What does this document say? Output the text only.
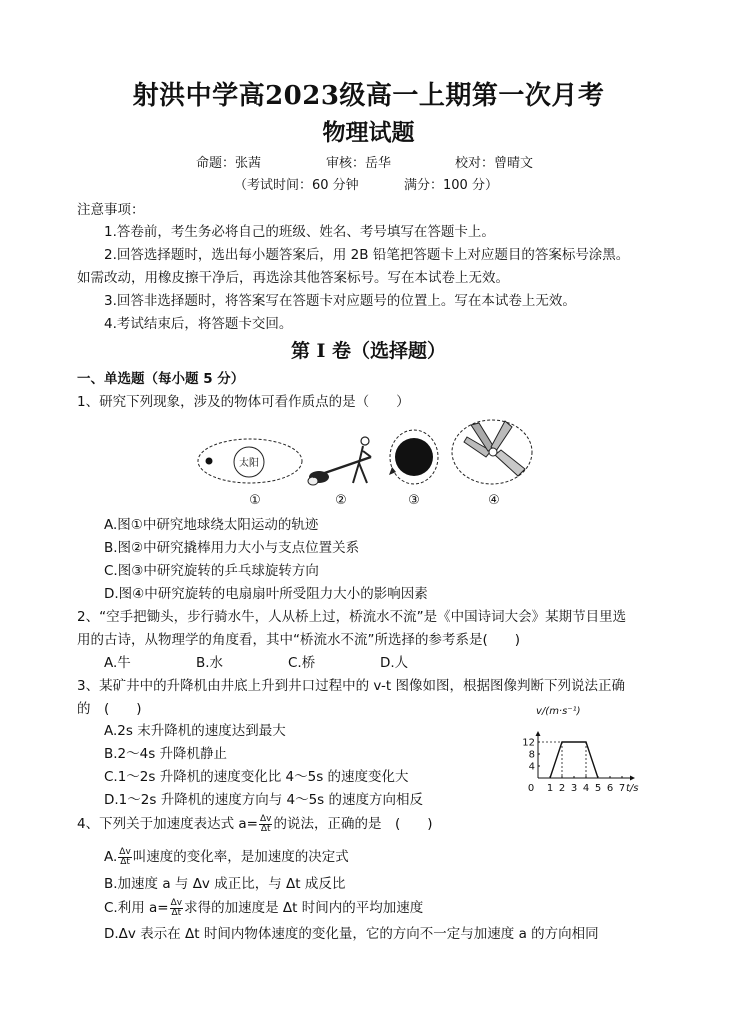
射洪中学高2023级高一上期第一次月考
物理试题
命题：张茜	审核：岳华	校对：曾晴文
（考试时间：60 分钟	满分：100 分）
注意事项：
1.答卷前，考生务必将自己的班级、姓名、考号填写在答题卡上。
2.回答选择题时，选出每小题答案后，用 2B 铅笔把答题卡上对应题目的答案标号涂黑。
如需改动，用橡皮擦干净后，再选涂其他答案标号。写在本试卷上无效。
3.回答非选择题时，将答案写在答题卡对应题号的位置上。写在本试卷上无效。
4.考试结束后，将答题卡交回。
第 I 卷（选择题）
一、单选题（每小题 5 分）
1、研究下列现象，涉及的物体可看作质点的是（　　）
太阳
①	②	③	④
A.图①中研究地球绕太阳运动的轨迹
B.图②中研究撬棒用力大小与支点位置关系
C.图③中研究旋转的乒乓球旋转方向
D.图④中研究旋转的电扇扇叶所受阻力大小的影响因素
2、“空手把锄头，步行骑水牛，人从桥上过，桥流水不流”是《中国诗词大会》某期节目里选
用的古诗，从物理学的角度看，其中“桥流水不流”所选择的参考系是(　　)
A.牛	B.水	C.桥	D.人
3、某矿井中的升降机由井底上升到井口过程中的 v-t 图像如图，根据图像判断下列说法正确
的　(　　)
A.2s 末升降机的速度达到最大
B.2～4s 升降机静止
C.1～2s 升降机的速度变化比 4～5s 的速度变化大
D.1～2s 升降机的速度方向与 4～5s 的速度方向相反
v/(m·s⁻¹)
t/s
0 1 2 3 4 5 6 7
4
8
12
4、下列关于加速度表达式 $a= \frac{\Delta v}{\Delta t}$ 的说法，正确的是　(　　)
A. $\frac{\Delta v}{\Delta t}$ 叫速度的变化率，是加速度的决定式
B.加速度 a 与 Δv 成正比，与 Δt 成反比
C.利用 $a= \frac{\Delta v}{\Delta t}$ 求得的加速度是 Δt 时间内的平均加速度
D.Δv 表示在 Δt 时间内物体速度的变化量，它的方向不一定与加速度 a 的方向相同
